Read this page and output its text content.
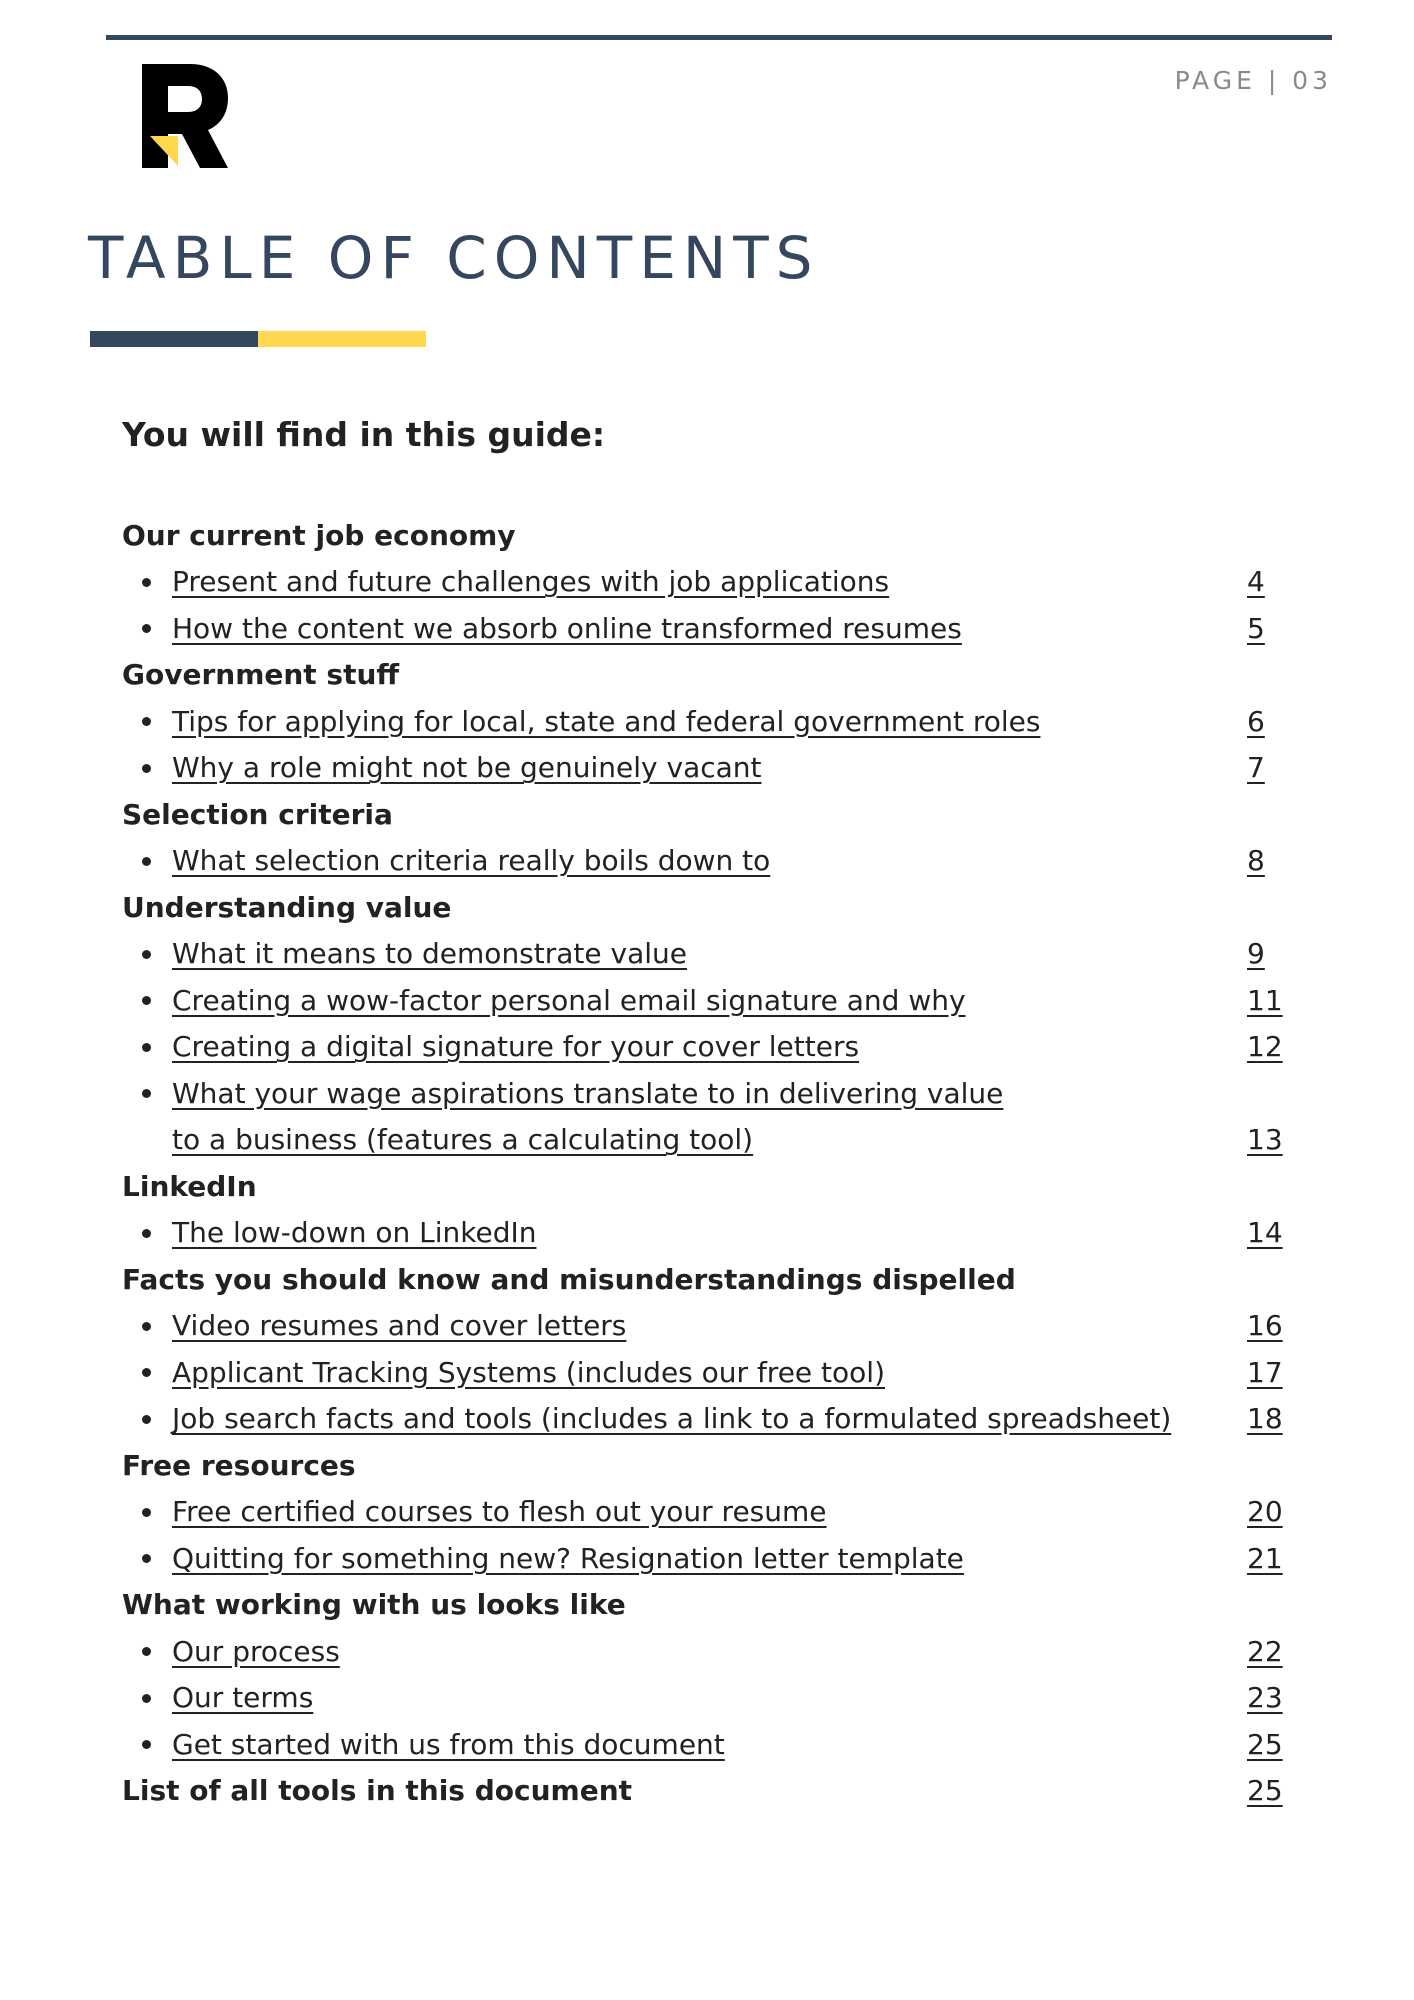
PAGE | 03
TABLE OF CONTENTS

You will find in this guide:

Our current job economy
Present and future challenges with job applications	4
How the content we absorb online transformed resumes	5
Government stuff
Tips for applying for local, state and federal government roles	6
Why a role might not be genuinely vacant	7
Selection criteria
What selection criteria really boils down to	8
Understanding value
What it means to demonstrate value	9
Creating a wow-factor personal email signature and why	11
Creating a digital signature for your cover letters	12
What your wage aspirations translate to in delivering value
to a business (features a calculating tool)	13
LinkedIn
The low-down on LinkedIn	14
Facts you should know and misunderstandings dispelled
Video resumes and cover letters	16
Applicant Tracking Systems (includes our free tool)	17
Job search facts and tools (includes a link to a formulated spreadsheet)	18
Free resources
Free certified courses to flesh out your resume	20
Quitting for something new? Resignation letter template	21
What working with us looks like
Our process	22
Our terms	23
Get started with us from this document	25
List of all tools in this document	25
